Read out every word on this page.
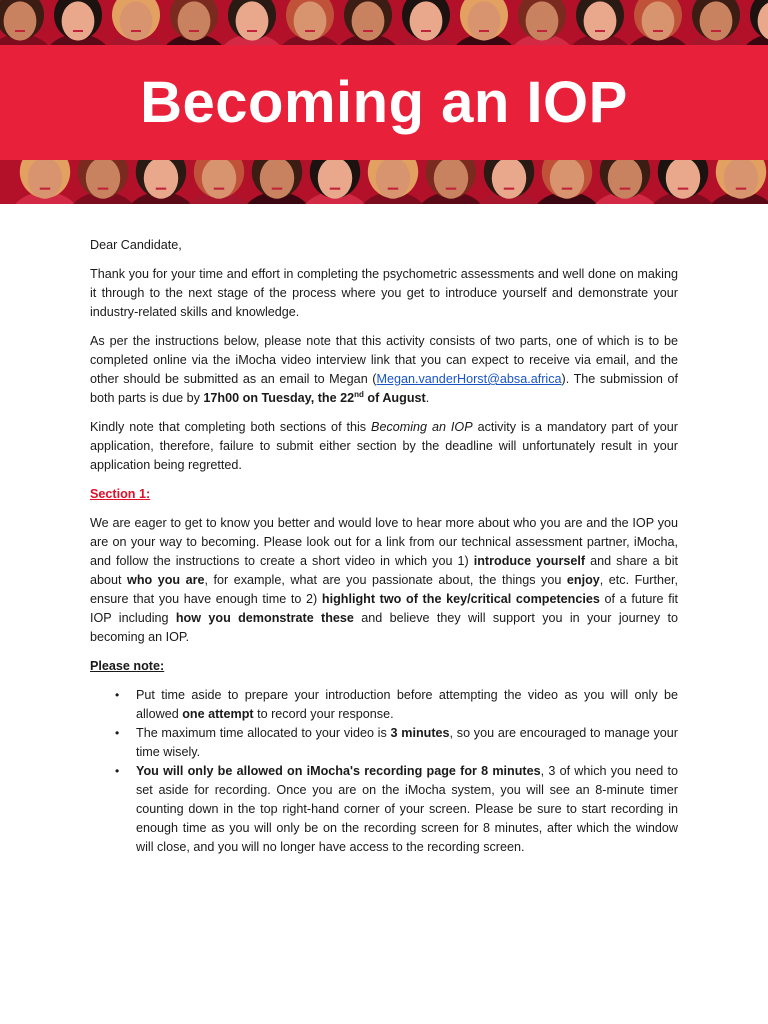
Becoming an IOP

Dear Candidate,

Thank you for your time and effort in completing the psychometric assessments and well done on making it through to the next stage of the process where you get to introduce yourself and demonstrate your industry-related skills and knowledge.

As per the instructions below, please note that this activity consists of two parts, one of which is to be completed online via the iMocha video interview link that you can expect to receive via email, and the other should be submitted as an email to Megan (Megan.vanderHorst@absa.africa). The submission of both parts is due by 17h00 on Tuesday, the 22nd of August.

Kindly note that completing both sections of this Becoming an IOP activity is a mandatory part of your application, therefore, failure to submit either section by the deadline will unfortunately result in your application being regretted.

Section 1:

We are eager to get to know you better and would love to hear more about who you are and the IOP you are on your way to becoming. Please look out for a link from our technical assessment partner, iMocha, and follow the instructions to create a short video in which you 1) introduce yourself and share a bit about who you are, for example, what are you passionate about, the things you enjoy, etc. Further, ensure that you have enough time to 2) highlight two of the key/critical competencies of a future fit IOP including how you demonstrate these and believe they will support you in your journey to becoming an IOP.

Please note:

• Put time aside to prepare your introduction before attempting the video as you will only be allowed one attempt to record your response.
• The maximum time allocated to your video is 3 minutes, so you are encouraged to manage your time wisely.
• You will only be allowed on iMocha's recording page for 8 minutes, 3 of which you need to set aside for recording. Once you are on the iMocha system, you will see an 8-minute timer counting down in the top right-hand corner of your screen. Please be sure to start recording in enough time as you will only be on the recording screen for 8 minutes, after which the window will close, and you will no longer have access to the recording screen.
